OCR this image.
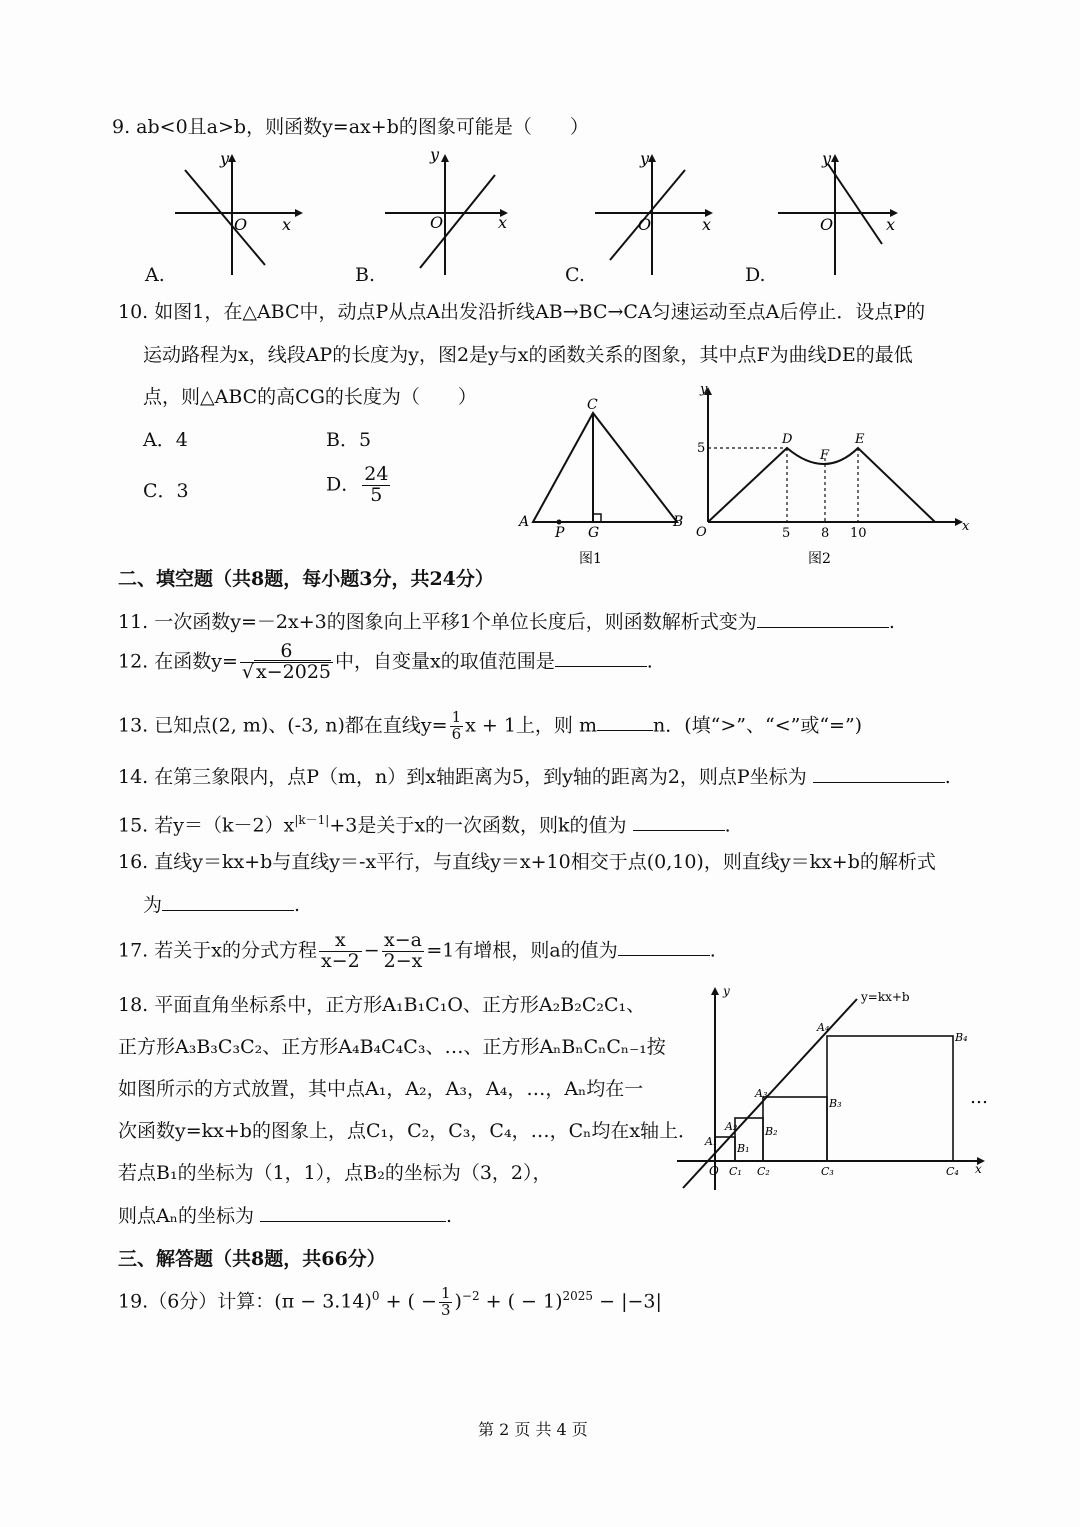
9. ab<0且a>b，则函数y=ax+b的图象可能是（　　）
y
O x
A.
y
O	x
B.
y
O	x
C.
y
O	x
D.
10. 如图1，在△ABC中，动点P从点A出发沿折线AB→BC→CA匀速运动至点A后停止．设点P的
运动路程为x，线段AP的长度为y，图2是y与x的函数关系的图象，其中点F为曲线DE的最低
点，则△ABC的高CG的长度为（　　）
A．4	B．5
C．3	D． $\frac{24}{5}$
C
A
P G
B
图1
y
x
O
5
D
F
E
5 8 10
图2
二、填空题（共8题，每小题3分，共24分）
11. 一次函数y=－2x+3的图象向上平移1个单位长度后，则函数解析式变为	.
12. 在函数$y= \frac{6}{√ x-2025}$ 中，自变量x的取值范围是	.
13. 已知点(2, m)、(-3, n)都在直线$y= \frac{1}{6}$ x + 1上，则 m	n．(填“>”、“<”或“=”)
14. 在第三象限内，点P（m，n）到x轴距离为5，到y轴的距离为2，则点P坐标为	.
15. 若$y=(k-2)x^{|k-1|}+3$是关于x的一次函数，则k的值为	.
16. 直线y＝kx+b与直线y＝-x平行，与直线y＝x+10相交于点(0,10)，则直线y＝kx+b的解析式
为	.
17. 若关于x的分式方程 $\frac{x}{x-2} - \frac{x-a}{2-x} =1$有增根，则a的值为	.
18. 平面直角坐标系中，正方形A₁B₁C₁O、正方形A₂B₂C₂C₁、
正方形A₃B₃C₃C₂、正方形A₄B₄C₄C₃、…、正方形AₙBₙCₙCₙ₋₁按
如图所示的方式放置，其中点A₁，A₂，A₃，A₄，…，Aₙ均在一
次函数y=kx+b的图象上，点C₁，C₂，C₃，C₄，…，Cₙ均在x轴上．
若点B₁的坐标为（1，1），点B₂的坐标为（3，2），
则点Aₙ的坐标为	.
y
x
y=kx+b
O
A₁
A₂
A₃
A₄
B₁
B₂
B₃
B₄
C₁ C₂	C₃	C₄
…
三、解答题（共8题，共66分）
19.（6分）计算：$(\pi - 3.14)^0$ + ( − $\frac{1}{3} )^{-2}$ + ( − 1)$^{2025}$ − |−3|
第 2 页 共 4 页
